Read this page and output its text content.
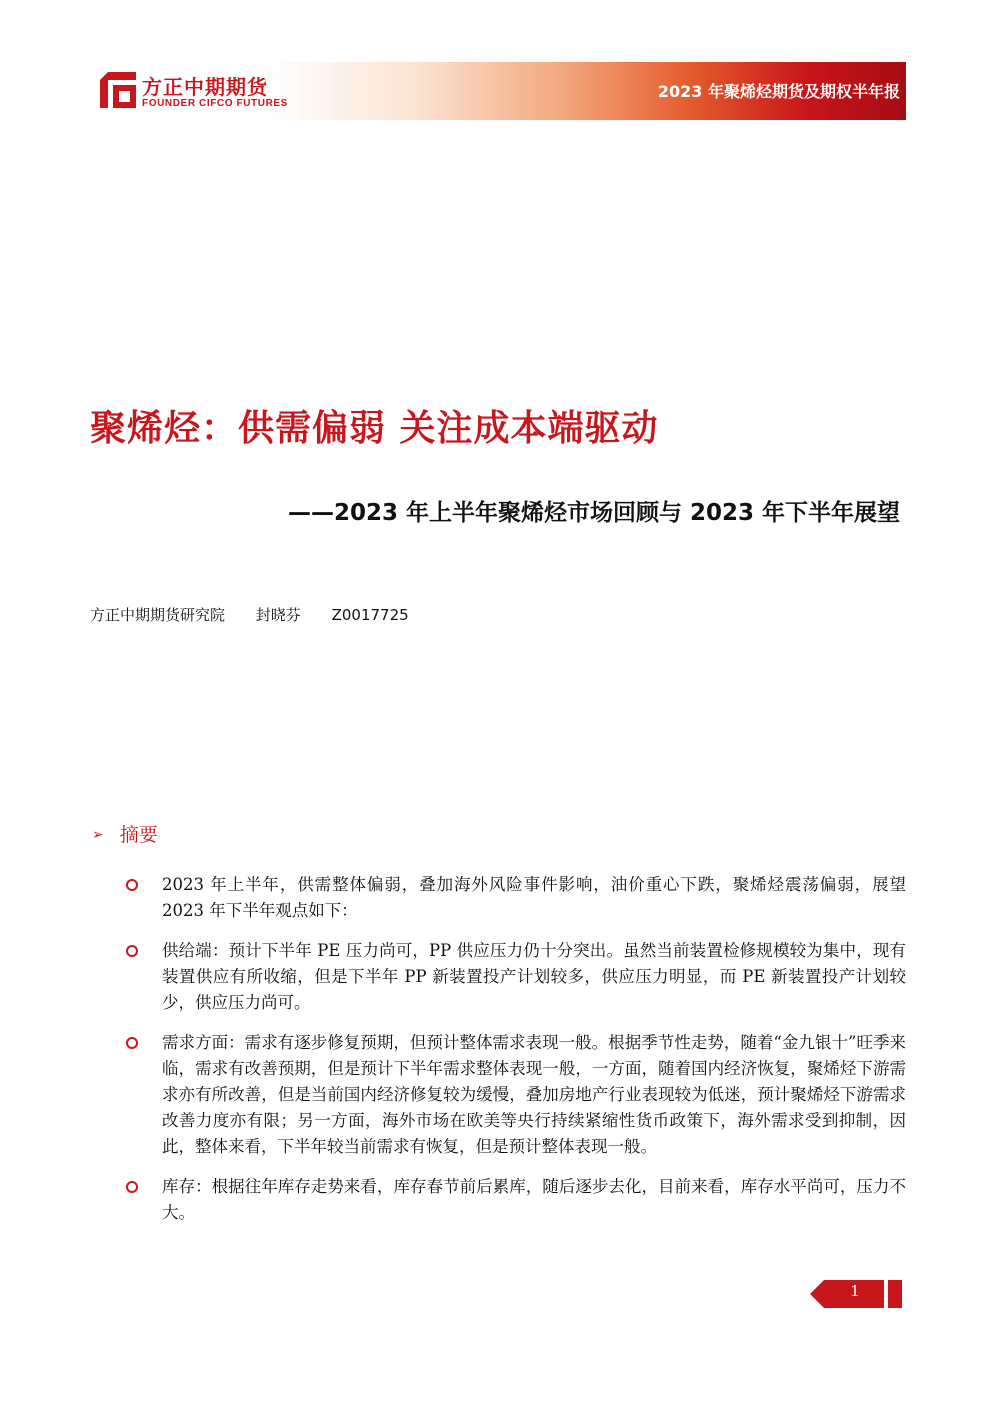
方正中期期货
FOUNDER CIFCO FUTURES
2023 年聚烯烃期货及期权半年报
聚烯烃：供需偏弱 关注成本端驱动
——2023 年上半年聚烯烃市场回顾与 2023 年下半年展望
方正中期期货研究院 封晓芬 Z0017725
➢ 摘要
2023 年上半年，供需整体偏弱，叠加海外风险事件影响，油价重心下跌，聚烯烃震荡偏弱，展望 2023 年下半年观点如下：
供给端：预计下半年 PE 压力尚可，PP 供应压力仍十分突出。虽然当前装置检修规模较为集中，现有装置供应有所收缩，但是下半年 PP 新装置投产计划较多，供应压力明显，而 PE 新装置投产计划较少，供应压力尚可。
需求方面：需求有逐步修复预期，但预计整体需求表现一般。根据季节性走势，随着“金九银十”旺季来临，需求有改善预期，但是预计下半年需求整体表现一般，一方面，随着国内经济恢复，聚烯烃下游需求亦有所改善，但是当前国内经济修复较为缓慢，叠加房地产行业表现较为低迷，预计聚烯烃下游需求改善力度亦有限；另一方面，海外市场在欧美等央行持续紧缩性货币政策下，海外需求受到抑制，因此，整体来看，下半年较当前需求有恢复，但是预计整体表现一般。
库存：根据往年库存走势来看，库存春节前后累库，随后逐步去化，目前来看，库存水平尚可，压力不大。
1
